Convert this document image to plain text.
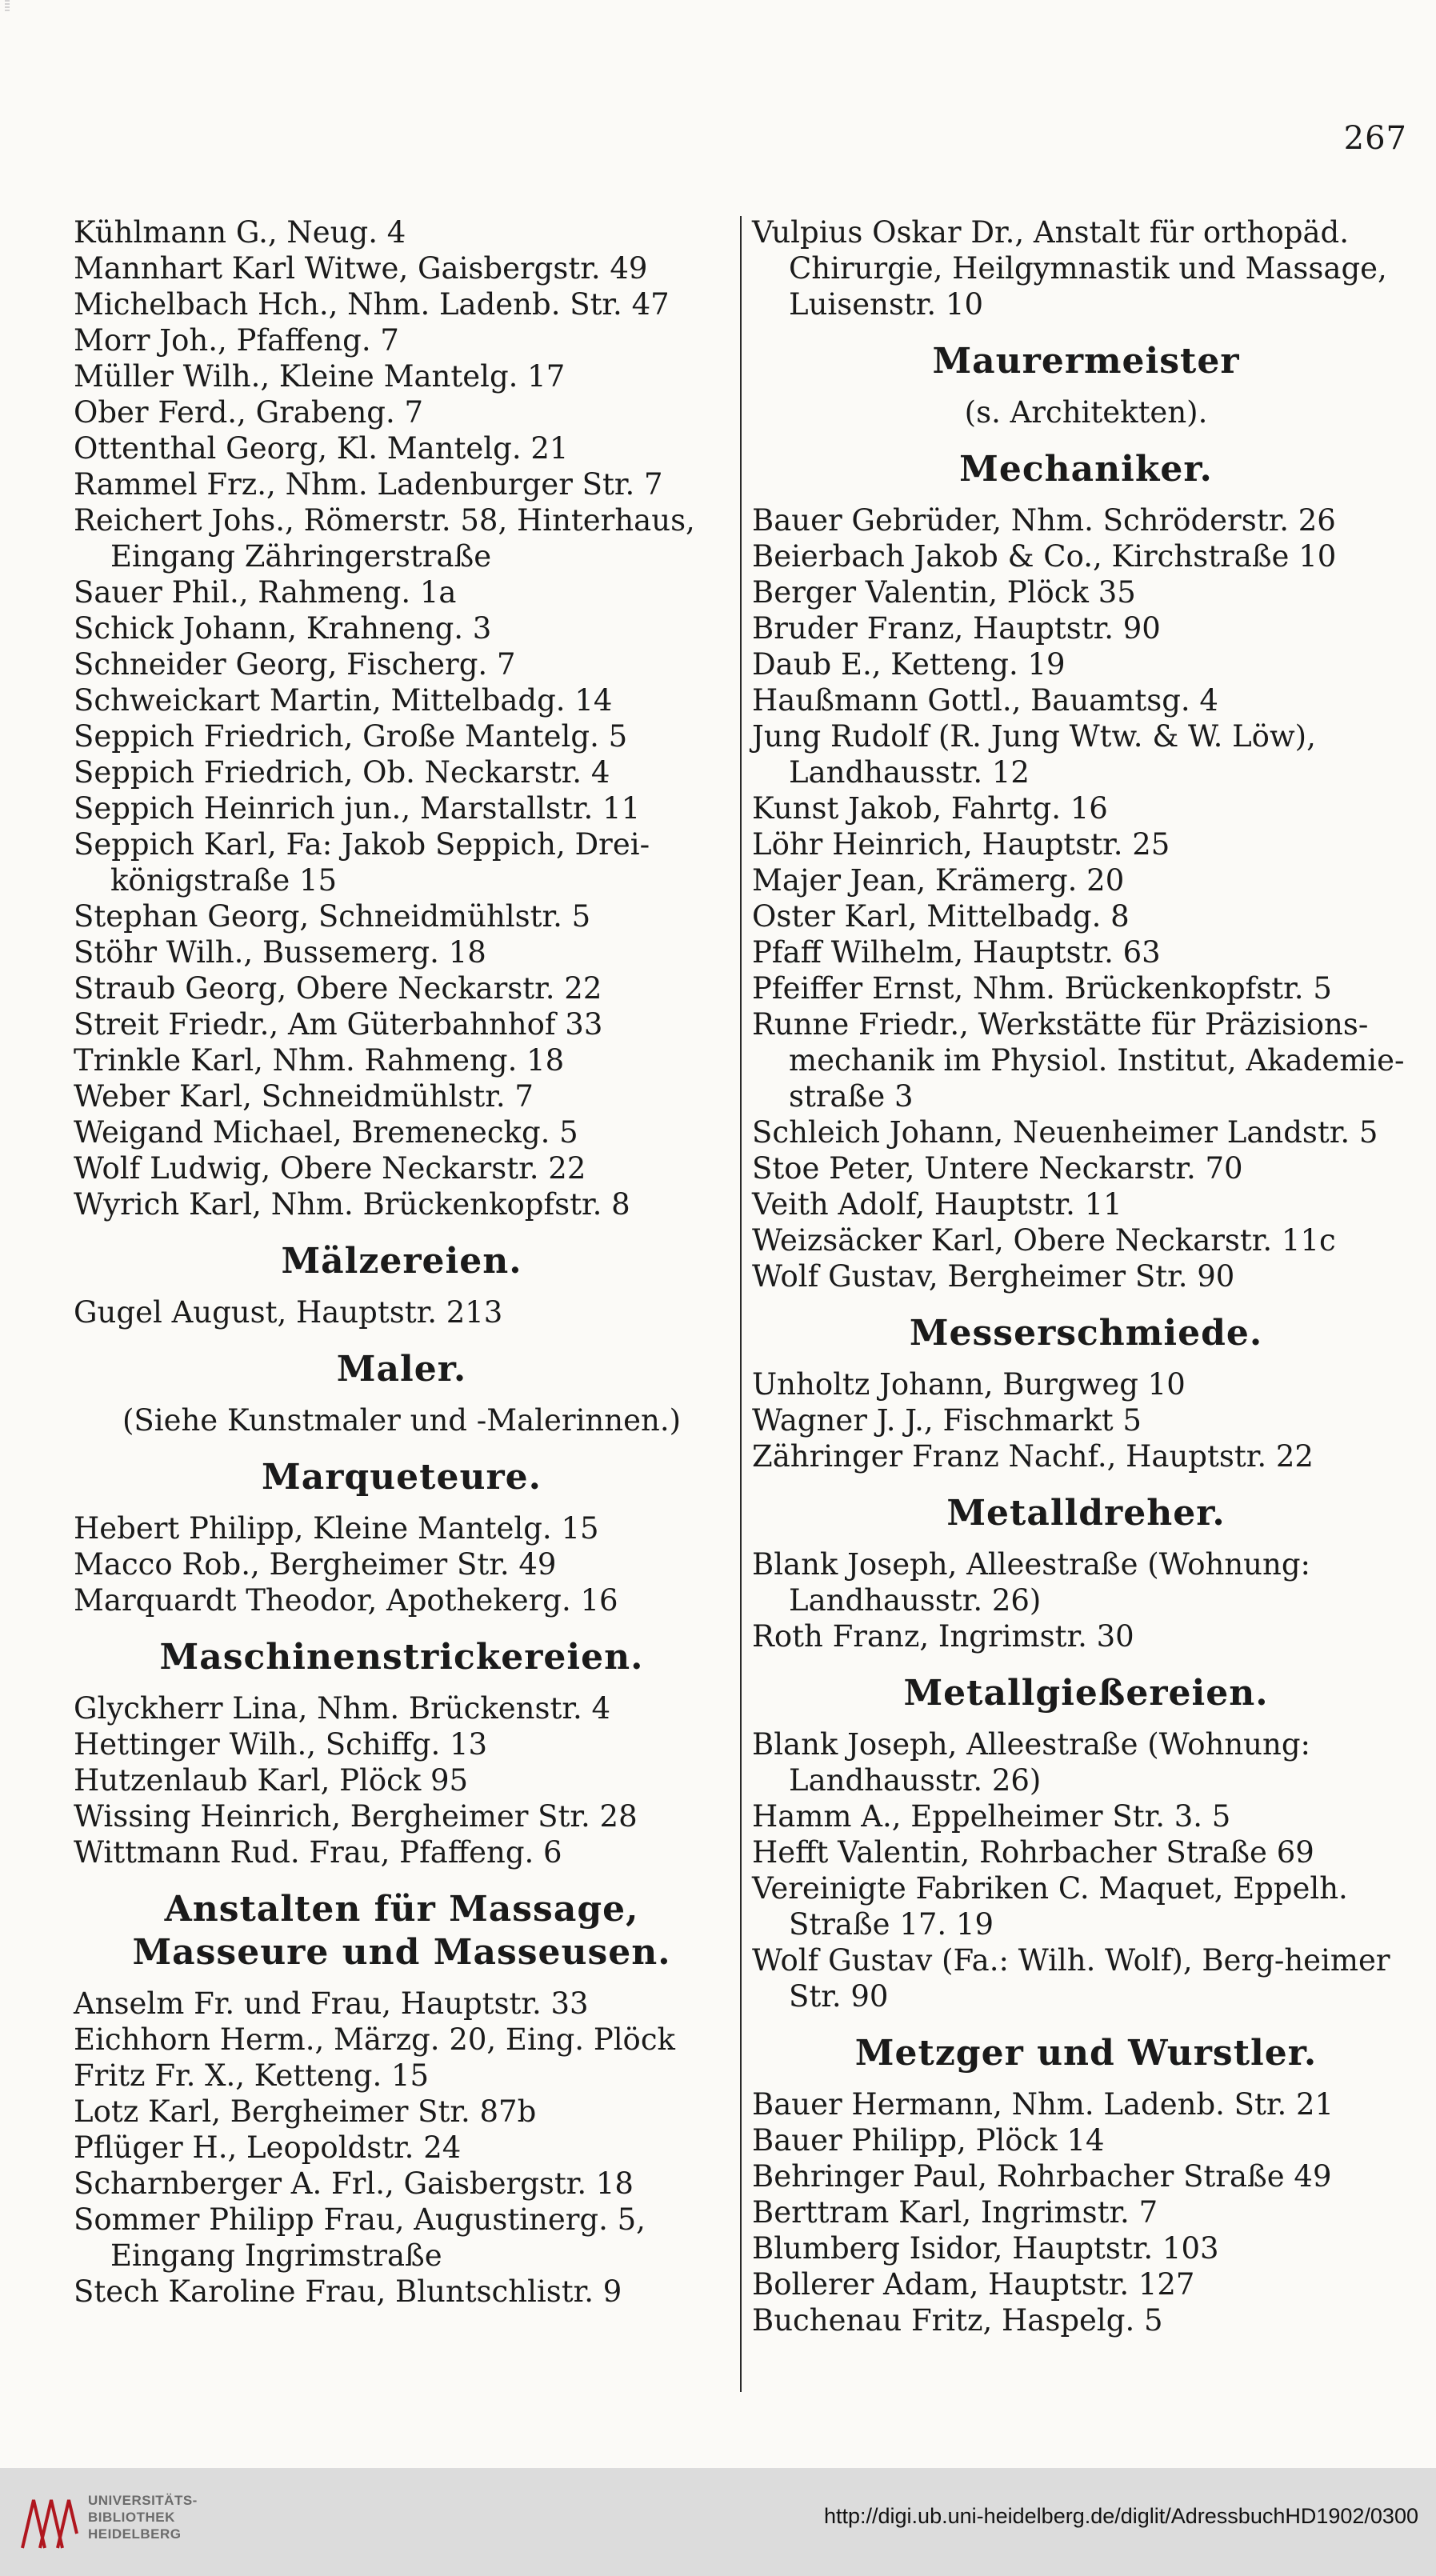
267
Kühlmann G., Neug. 4
Mannhart Karl Witwe, Gaisbergstr. 49
Michelbach Hch., Nhm. Ladenb. Str. 47
Morr Joh., Pfaffeng. 7
Müller Wilh., Kleine Mantelg. 17
Ober Ferd., Grabeng. 7
Ottenthal Georg, Kl. Mantelg. 21
Rammel Frz., Nhm. Ladenburger Str. 7
Reichert Johs., Römerstr. 58, Hinterhaus, Eingang Zähringerstraße
Sauer Phil., Rahmeng. 1a
Schick Johann, Krahneng. 3
Schneider Georg, Fischerg. 7
Schweickart Martin, Mittelbadg. 14
Seppich Friedrich, Große Mantelg. 5
Seppich Friedrich, Ob. Neckarstr. 4
Seppich Heinrich jun., Marstallstr. 11
Seppich Karl, Fa: Jakob Seppich, Drei-königstraße 15
Stephan Georg, Schneidmühlstr. 5
Stöhr Wilh., Bussemerg. 18
Straub Georg, Obere Neckarstr. 22
Streit Friedr., Am Güterbahnhof 33
Trinkle Karl, Nhm. Rahmeng. 18
Weber Karl, Schneidmühlstr. 7
Weigand Michael, Bremeneckg. 5
Wolf Ludwig, Obere Neckarstr. 22
Wyrich Karl, Nhm. Brückenkopfstr. 8
Mälzereien.
Gugel August, Hauptstr. 213
Maler.
(Siehe Kunstmaler und -Malerinnen.)
Marqueteure.
Hebert Philipp, Kleine Mantelg. 15
Macco Rob., Bergheimer Str. 49
Marquardt Theodor, Apothekerg. 16
Maschinenstrickereien.
Glyckherr Lina, Nhm. Brückenstr. 4
Hettinger Wilh., Schiffg. 13
Hutzenlaub Karl, Plöck 95
Wissing Heinrich, Bergheimer Str. 28
Wittmann Rud. Frau, Pfaffeng. 6
Anstalten für Massage, Masseure und Masseusen.
Anselm Fr. und Frau, Hauptstr. 33
Eichhorn Herm., Märzg. 20, Eing. Plöck
Fritz Fr. X., Ketteng. 15
Lotz Karl, Bergheimer Str. 87b
Pflüger H., Leopoldstr. 24
Scharnberger A. Frl., Gaisbergstr. 18
Sommer Philipp Frau, Augustinerg. 5, Eingang Ingrimstraße
Stech Karoline Frau, Bluntschlistr. 9
Vulpius Oskar Dr., Anstalt für orthopäd. Chirurgie, Heilgymnastik und Massage, Luisenstr. 10
Maurermeister
(s. Architekten).
Mechaniker.
Bauer Gebrüder, Nhm. Schröderstr. 26
Beierbach Jakob & Co., Kirchstraße 10
Berger Valentin, Plöck 35
Bruder Franz, Hauptstr. 90
Daub E., Ketteng. 19
Haußmann Gottl., Bauamtsg. 4
Jung Rudolf (R. Jung Wtw. & W. Löw), Landhausstr. 12
Kunst Jakob, Fahrtg. 16
Löhr Heinrich, Hauptstr. 25
Majer Jean, Krämerg. 20
Oster Karl, Mittelbadg. 8
Pfaff Wilhelm, Hauptstr. 63
Pfeiffer Ernst, Nhm. Brückenkopfstr. 5
Runne Friedr., Werkstätte für Präzisions-mechanik im Physiol. Institut, Akademie-straße 3
Schleich Johann, Neuenheimer Landstr. 5
Stoe Peter, Untere Neckarstr. 70
Veith Adolf, Hauptstr. 11
Weizsäcker Karl, Obere Neckarstr. 11c
Wolf Gustav, Bergheimer Str. 90
Messerschmiede.
Unholtz Johann, Burgweg 10
Wagner J. J., Fischmarkt 5
Zähringer Franz Nachf., Hauptstr. 22
Metalldreher.
Blank Joseph, Alleestraße (Wohnung: Landhausstr. 26)
Roth Franz, Ingrimstr. 30
Metallgießereien.
Blank Joseph, Alleestraße (Wohnung: Landhausstr. 26)
Hamm A., Eppelheimer Str. 3. 5
Hefft Valentin, Rohrbacher Straße 69
Vereinigte Fabriken C. Maquet, Eppelh. Straße 17. 19
Wolf Gustav (Fa.: Wilh. Wolf), Berg-heimer Str. 90
Metzger und Wurstler.
Bauer Hermann, Nhm. Ladenb. Str. 21
Bauer Philipp, Plöck 14
Behringer Paul, Rohrbacher Straße 49
Berttram Karl, Ingrimstr. 7
Blumberg Isidor, Hauptstr. 103
Bollerer Adam, Hauptstr. 127
Buchenau Fritz, Haspelg. 5
UNIVERSITÄTS-
BIBLIOTHEK
HEIDELBERG
http://digi.ub.uni-heidelberg.de/diglit/AdressbuchHD1902/0300
